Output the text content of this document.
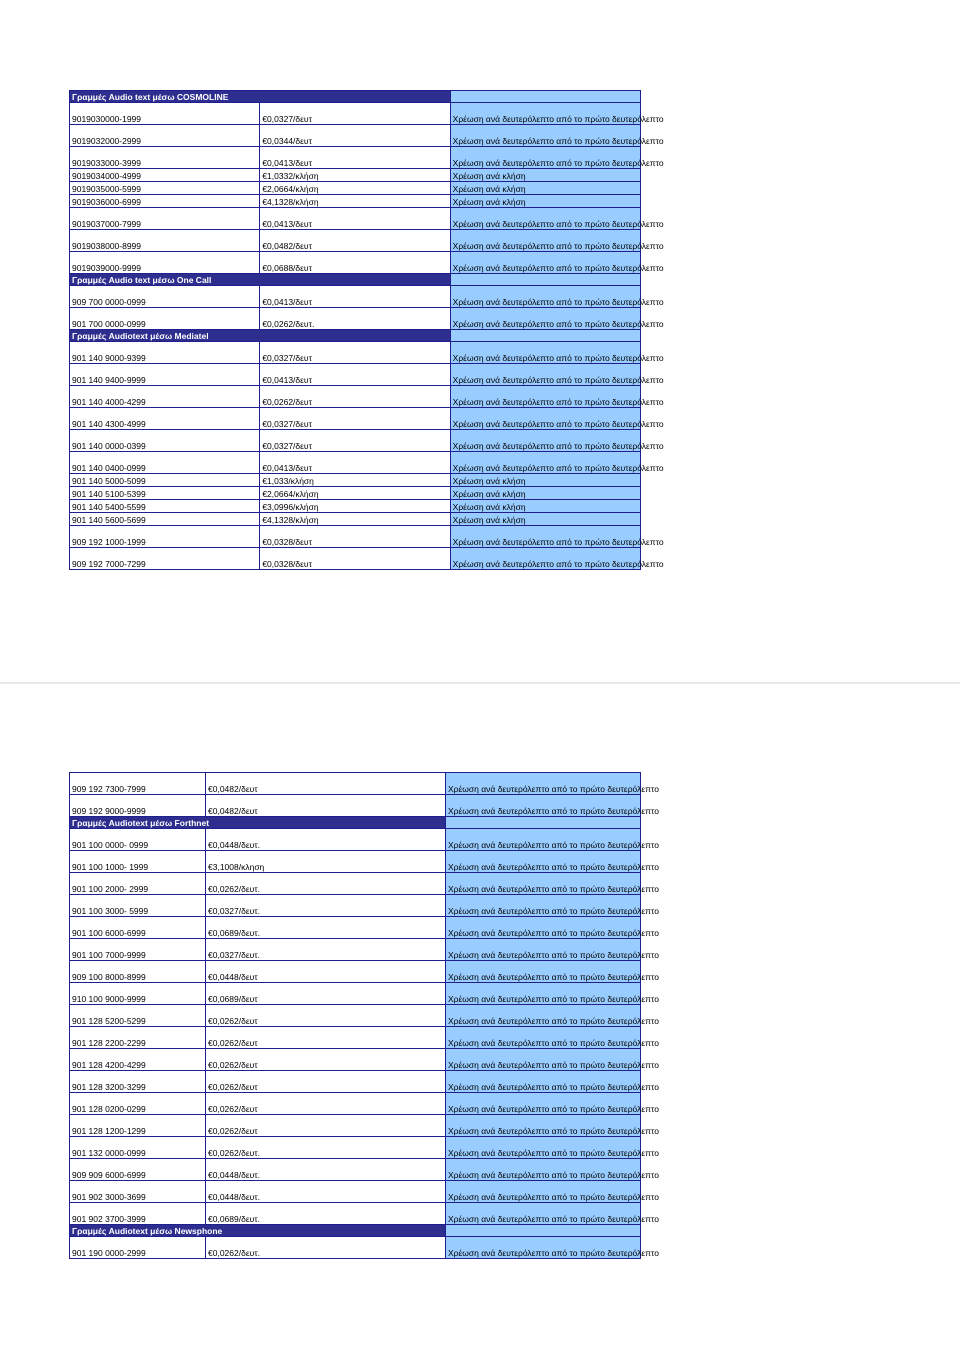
Γραμμές Audio text μέσω COSMOLINE		
9019030000-1999	€0,0327/δευτ	Χρέωση ανά δευτερόλεπτο από το πρώτο δευτερόλεπτο
9019032000-2999	€0,0344/δευτ	Χρέωση ανά δευτερόλεπτο από το πρώτο δευτερόλεπτο
9019033000-3999	€0,0413/δευτ	Χρέωση ανά δευτερόλεπτο από το πρώτο δευτερόλεπτο
9019034000-4999	€1,0332/κλήση	Χρέωση ανά κλήση
9019035000-5999	€2,0664/κλήση	Χρέωση ανά κλήση
9019036000-6999	€4,1328/κλήση	Χρέωση ανά κλήση
9019037000-7999	€0,0413/δευτ	Χρέωση ανά δευτερόλεπτο από το πρώτο δευτερόλεπτο
9019038000-8999	€0,0482/δευτ	Χρέωση ανά δευτερόλεπτο από το πρώτο δευτερόλεπτο
9019039000-9999	€0,0688/δευτ	Χρέωση ανά δευτερόλεπτο από το πρώτο δευτερόλεπτο
Γραμμές Audio text μέσω One Call		
909 700 0000-0999	€0,0413/δευτ	Χρέωση ανά δευτερόλεπτο από το πρώτο δευτερόλεπτο
901 700 0000-0999	€0,0262/δευτ.	Χρέωση ανά δευτερόλεπτο από το πρώτο δευτερόλεπτο
Γραμμές Audiotext μέσω Mediatel		
901 140 9000-9399	€0,0327/δευτ	Χρέωση ανά δευτερόλεπτο από το πρώτο δευτερόλεπτο
901 140 9400-9999	€0,0413/δευτ	Χρέωση ανά δευτερόλεπτο από το πρώτο δευτερόλεπτο
901 140 4000-4299	€0,0262/δευτ	Χρέωση ανά δευτερόλεπτο από το πρώτο δευτερόλεπτο
901 140 4300-4999	€0,0327/δευτ	Χρέωση ανά δευτερόλεπτο από το πρώτο δευτερόλεπτο
901 140 0000-0399	€0,0327/δευτ	Χρέωση ανά δευτερόλεπτο από το πρώτο δευτερόλεπτο
901 140 0400-0999	€0,0413/δευτ	Χρέωση ανά δευτερόλεπτο από το πρώτο δευτερόλεπτο
901 140 5000-5099	€1,033/κλήση	Χρέωση ανά κλήση
901 140 5100-5399	€2,0664/κλήση	Χρέωση ανά κλήση
901 140 5400-5599	€3,0996/κλήση	Χρέωση ανά κλήση
901 140 5600-5699	€4,1328/κλήση	Χρέωση ανά κλήση
909 192 1000-1999	€0,0328/δευτ	Χρέωση ανά δευτερόλεπτο από το πρώτο δευτερόλεπτο
909 192 7000-7299	€0,0328/δευτ	Χρέωση ανά δευτερόλεπτο από το πρώτο δευτερόλεπτο
909 192 7300-7999	€0,0482/δευτ	Χρέωση ανά δευτερόλεπτο από το πρώτο δευτερόλεπτο
909 192 9000-9999	€0,0482/δευτ	Χρέωση ανά δευτερόλεπτο από το πρώτο δευτερόλεπτο
Γραμμές Audiotext μέσω Forthnet		
901 100 0000- 0999	€0,0448/δευτ.	Χρέωση ανά δευτερόλεπτο από το πρώτο δευτερόλεπτο
901 100 1000- 1999	€3,1008/κληση	Χρέωση ανά δευτερόλεπτο από το πρώτο δευτερόλεπτο
901 100 2000- 2999	€0,0262/δευτ.	Χρέωση ανά δευτερόλεπτο από το πρώτο δευτερόλεπτο
901 100 3000- 5999	€0,0327/δευτ.	Χρέωση ανά δευτερόλεπτο από το πρώτο δευτερόλεπτο
901 100 6000-6999	€0,0689/δευτ.	Χρέωση ανά δευτερόλεπτο από το πρώτο δευτερόλεπτο
901 100 7000-9999	€0,0327/δευτ.	Χρέωση ανά δευτερόλεπτο από το πρώτο δευτερόλεπτο
909 100 8000-8999	€0,0448/δευτ	Χρέωση ανά δευτερόλεπτο από το πρώτο δευτερόλεπτο
910 100 9000-9999	€0,0689/δευτ	Χρέωση ανά δευτερόλεπτο από το πρώτο δευτερόλεπτο
901 128 5200-5299	€0,0262/δευτ	Χρέωση ανά δευτερόλεπτο από το πρώτο δευτερόλεπτο
901 128 2200-2299	€0,0262/δευτ	Χρέωση ανά δευτερόλεπτο από το πρώτο δευτερόλεπτο
901 128 4200-4299	€0,0262/δευτ	Χρέωση ανά δευτερόλεπτο από το πρώτο δευτερόλεπτο
901 128 3200-3299	€0,0262/δευτ	Χρέωση ανά δευτερόλεπτο από το πρώτο δευτερόλεπτο
901 128 0200-0299	€0,0262/δευτ	Χρέωση ανά δευτερόλεπτο από το πρώτο δευτερόλεπτο
901 128 1200-1299	€0,0262/δευτ	Χρέωση ανά δευτερόλεπτο από το πρώτο δευτερόλεπτο
901 132 0000-0999	€0,0262/δευτ.	Χρέωση ανά δευτερόλεπτο από το πρώτο δευτερόλεπτο
909 909 6000-6999	€0,0448/δευτ.	Χρέωση ανά δευτερόλεπτο από το πρώτο δευτερόλεπτο
901 902 3000-3699	€0,0448/δευτ.	Χρέωση ανά δευτερόλεπτο από το πρώτο δευτερόλεπτο
901 902 3700-3999	€0,0689/δευτ.	Χρέωση ανά δευτερόλεπτο από το πρώτο δευτερόλεπτο
Γραμμές Audiotext μέσω Newsphone		
901 190 0000-2999	€0,0262/δευτ.	Χρέωση ανά δευτερόλεπτο από το πρώτο δευτερόλεπτο
